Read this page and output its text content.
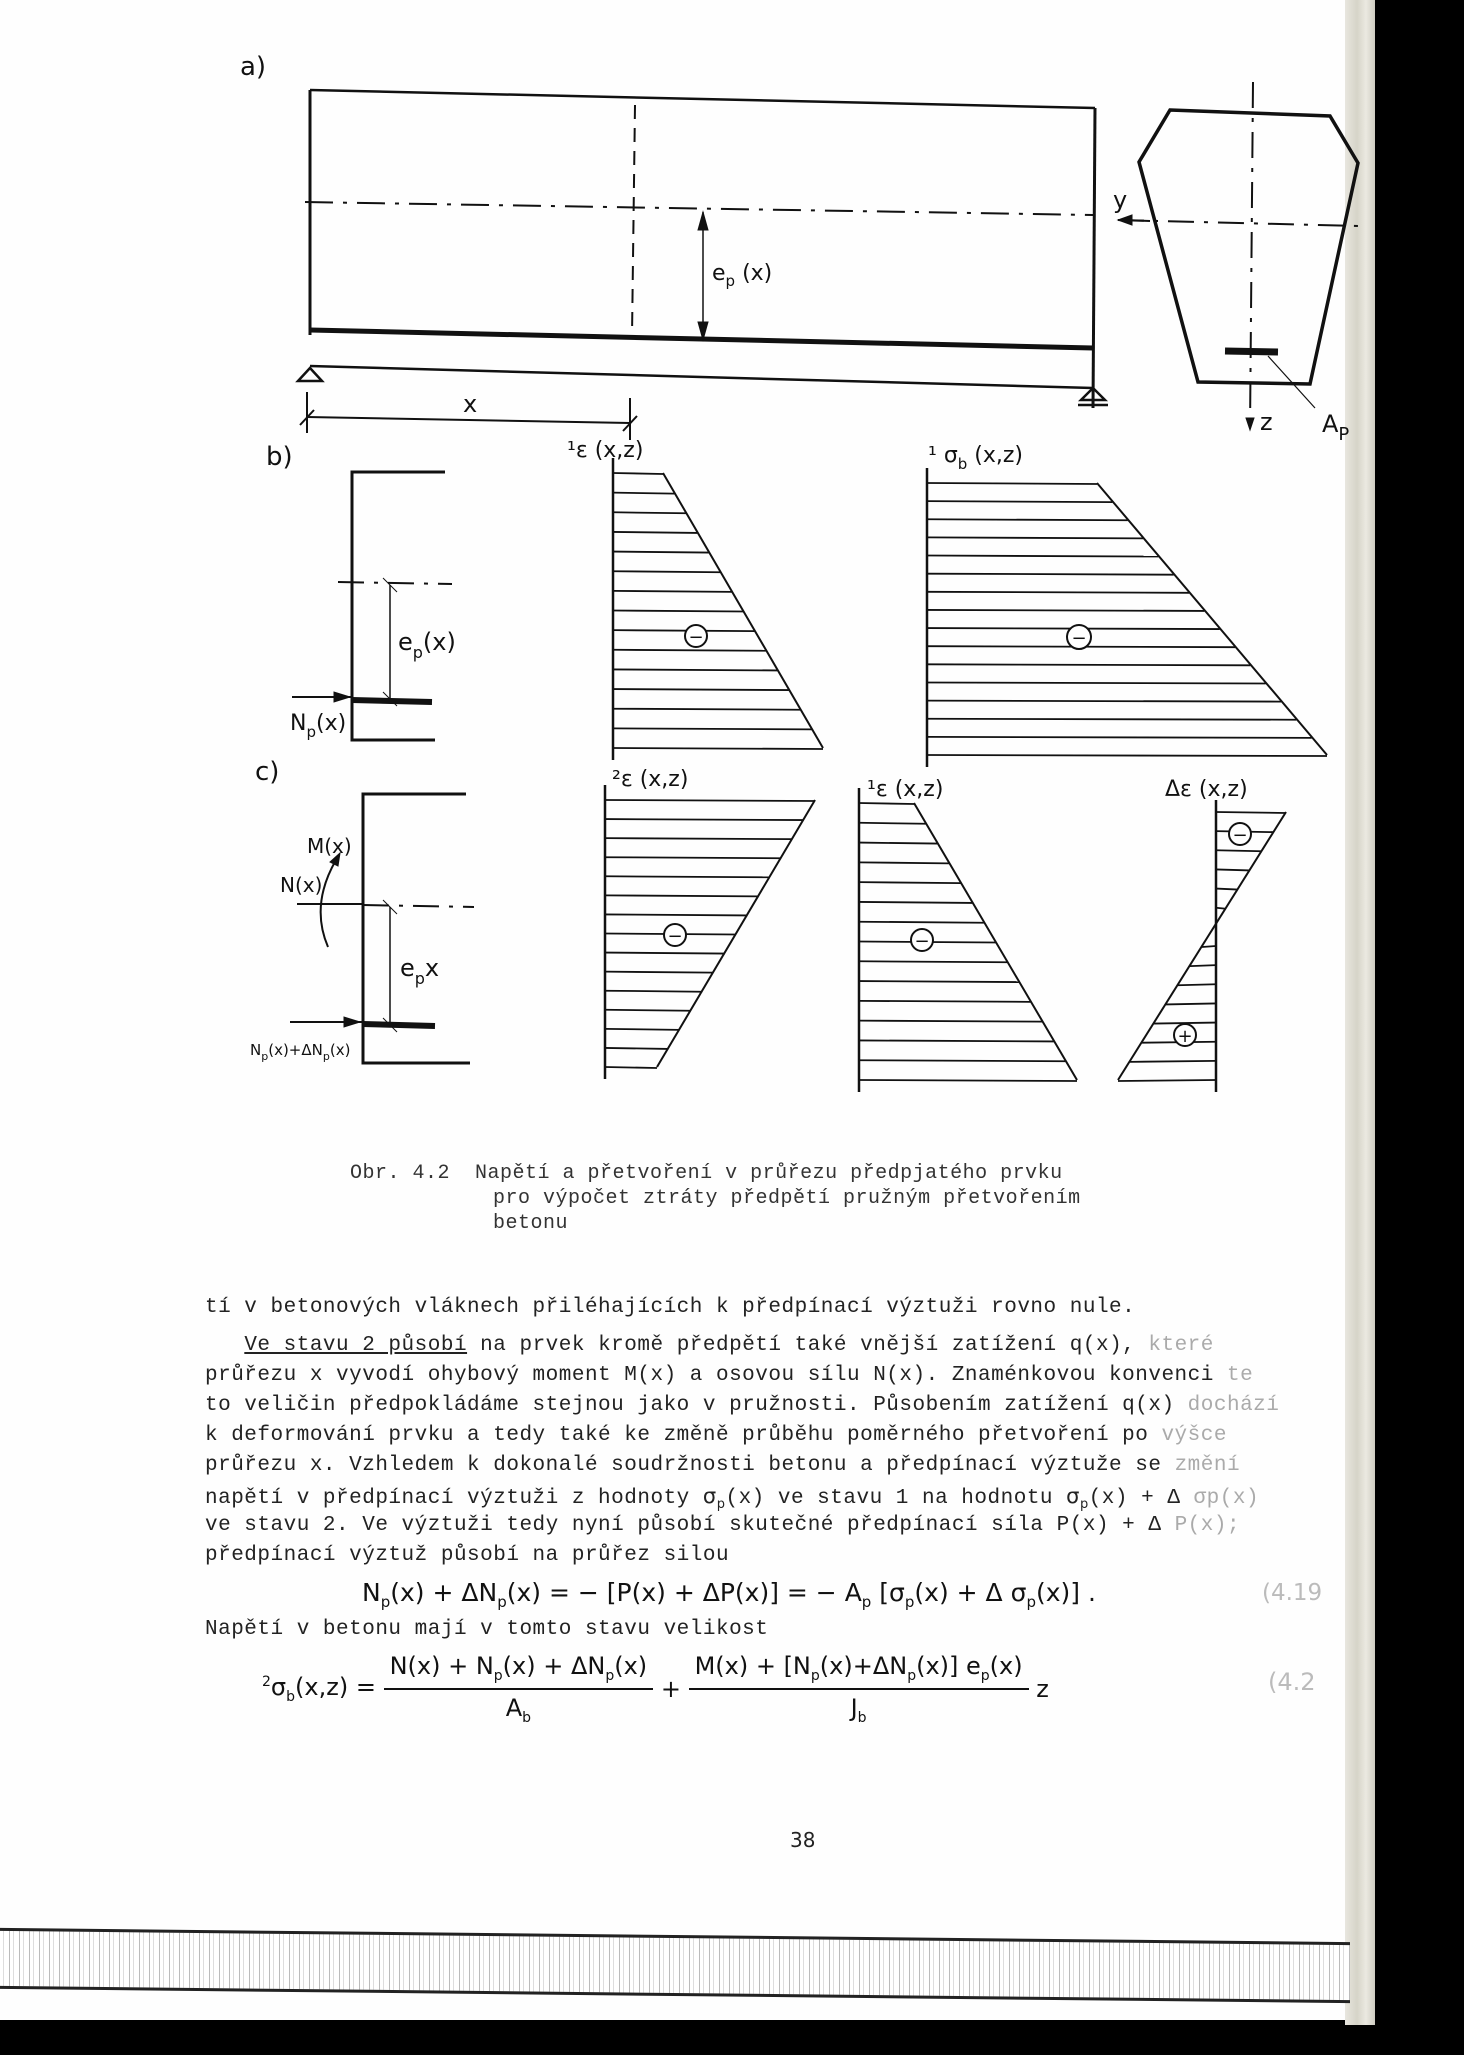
a)
$e_p$ (x)
x
y
z $A_P$
b)
$e_p(x)$
$N_p(x)$
¹ε (x,z)	¹ $\sigma_b$ (x,z)
c)
M(x)
N(x)
$e_px$
$N_p(x)+\Delta N_p(x)$
²ε (x,z)	¹ε (x,z)	Δε (x,z)
−	−
−	−
−
+
Obr. 4.2 Napětí a přetvoření v průřezu předpjatého prvku
pro výpočet ztráty předpětí pružným přetvořením
betonu
tí v betonových vláknech přiléhajících k předpínací výztuži rovno nule.
Ve stavu 2 působí na prvek kromě předpětí také vnější zatížení q(x), které
průřezu x vyvodí ohybový moment M(x) a osovou sílu N(x). Znaménkovou konvenci te
to veličin předpokládáme stejnou jako v pružnosti. Působením zatížení q(x) dochází
k deformování prvku a tedy také ke změně průběhu poměrného přetvoření po výšce
průřezu x. Vzhledem k dokonalé soudržnosti betonu a předpínací výztuže se změní
napětí v předpínací výztuži z hodnoty $\sigma_p(x)$ ve stavu 1 na hodnotu $\sigma_p(x) + \Delta$ σp(x)
ve stavu 2. Ve výztuži tedy nyní působí skutečné předpínací síla P(x) + Δ P(x);
předpínací výztuž působí na průřez silou
$N_p(x) + \Delta N_p(x)$ = − [P(x) + ΔP(x)] = − $A_p$ [$\sigma_p(x) + \Delta$ $\sigma_p(x)$] .	(4.19
Napětí v betonu mají v tomto stavu velikost
$^2\sigma_b(x,z) = \frac{N(x) + N_p(x) + \Delta N_p(x)}{A_b} + \frac{M(x) + [N_p(x)+\Delta N_p(x)] e_p(x)}{J_b}$ z	(4.2
38
